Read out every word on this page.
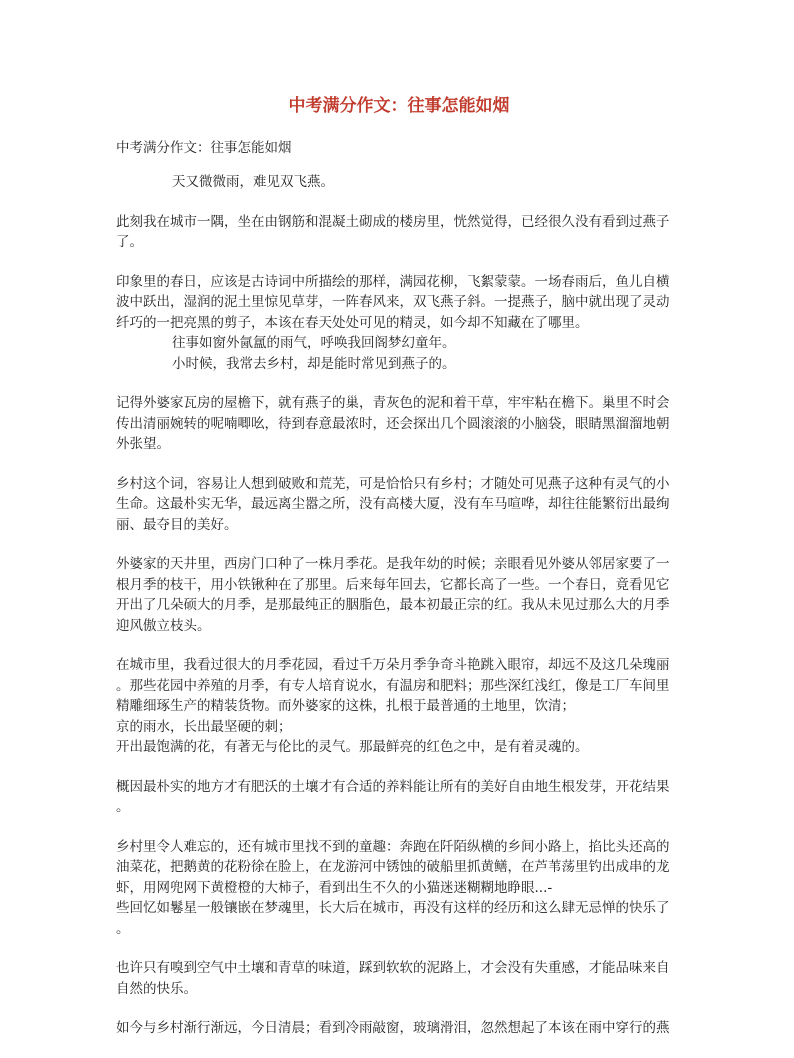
中考满分作文：往事怎能如烟
中考满分作文：往事怎能如烟
天又微微雨，难见双飞燕。
此刻我在城市一隅，坐在由钢筋和混凝土砌成的楼房里，恍然觉得，已经很久没有看到过燕子
了。
印象里的春日，应该是古诗词中所描绘的那样，满园花柳，飞絮蒙蒙。一场春雨后，鱼儿自横
波中跃出，湿润的泥土里惊见草芽，一阵春风来，双飞燕子斜。一提燕子，脑中就出现了灵动
纤巧的一把亮黑的剪子，本该在春天处处可见的精灵，如今却不知藏在了哪里。
往事如窗外氤氲的雨气，呼唤我回阁梦幻童年。
小时候，我常去乡村，却是能时常见到燕子的。
记得外婆家瓦房的屋檐下，就有燕子的巢，青灰色的泥和着干草，牢牢粘在檐下。巢里不时会
传出清丽婉转的呢喃唧吆，待到春意最浓时，还会探出几个圆滚滚的小脑袋，眼睛黑溜溜地朝
外张望。
乡村这个词，容易让人想到破败和荒芜，可是恰恰只有乡村；才随处可见燕子这种有灵气的小
生命。这最朴实无华，最远离尘嚣之所，没有高楼大厦，没有车马喧哗，却往往能繁衍出最绚
丽、最夺目的美好。
外婆家的天井里，西房门口种了一株月季花。是我年幼的时候；亲眼看见外婆从邻居家要了一
根月季的枝干，用小铁锹种在了那里。后来每年回去，它都长高了一些。一个春日，竟看见它
开出了几朵硕大的月季，是那最纯正的胭脂色，最本初最正宗的红。我从未见过那么大的月季
迎风傲立枝头。
在城市里，我看过很大的月季花园，看过千万朵月季争奇斗艳跳入眼帘，却远不及这几朵瑰丽
。那些花园中养殖的月季，有专人培育说水，有温房和肥料；那些深红浅红，像是工厂车间里
精雕细琢生产的精装货物。而外婆家的这株，扎根于最普通的土地里，饮清；
京的雨水，长出最坚硬的刺；
开出最饱满的花，有著无与伦比的灵气。那最鲜亮的红色之中，是有着灵魂的。
概因最朴实的地方才有肥沃的土壤才有合适的养料能让所有的美好自由地生根发芽，开花结果
。
乡村里令人难忘的，还有城市里找不到的童趣：奔跑在阡陌纵横的乡间小路上，掐比头还高的
油菜花，把鹅黄的花粉徐在脸上，在龙游河中锈蚀的破船里抓黄鳝，在芦苇荡里钓出成串的龙
虾，用网兜网下黄橙橙的大柿子，看到出生不久的小猫迷迷糊糊地睁眼...-
些回忆如鬈星一般镶嵌在梦魂里，长大后在城市，再没有这样的经历和这么肆无忌惮的快乐了
。
也许只有嗅到空气中土壤和青草的味道，踩到软软的泥路上，才会没有失重感，才能品味来自
自然的快乐。
如今与乡村渐行渐远，今日清晨；看到冷雨敲窗，玻璃滑泪，忽然想起了本该在雨中穿行的燕
